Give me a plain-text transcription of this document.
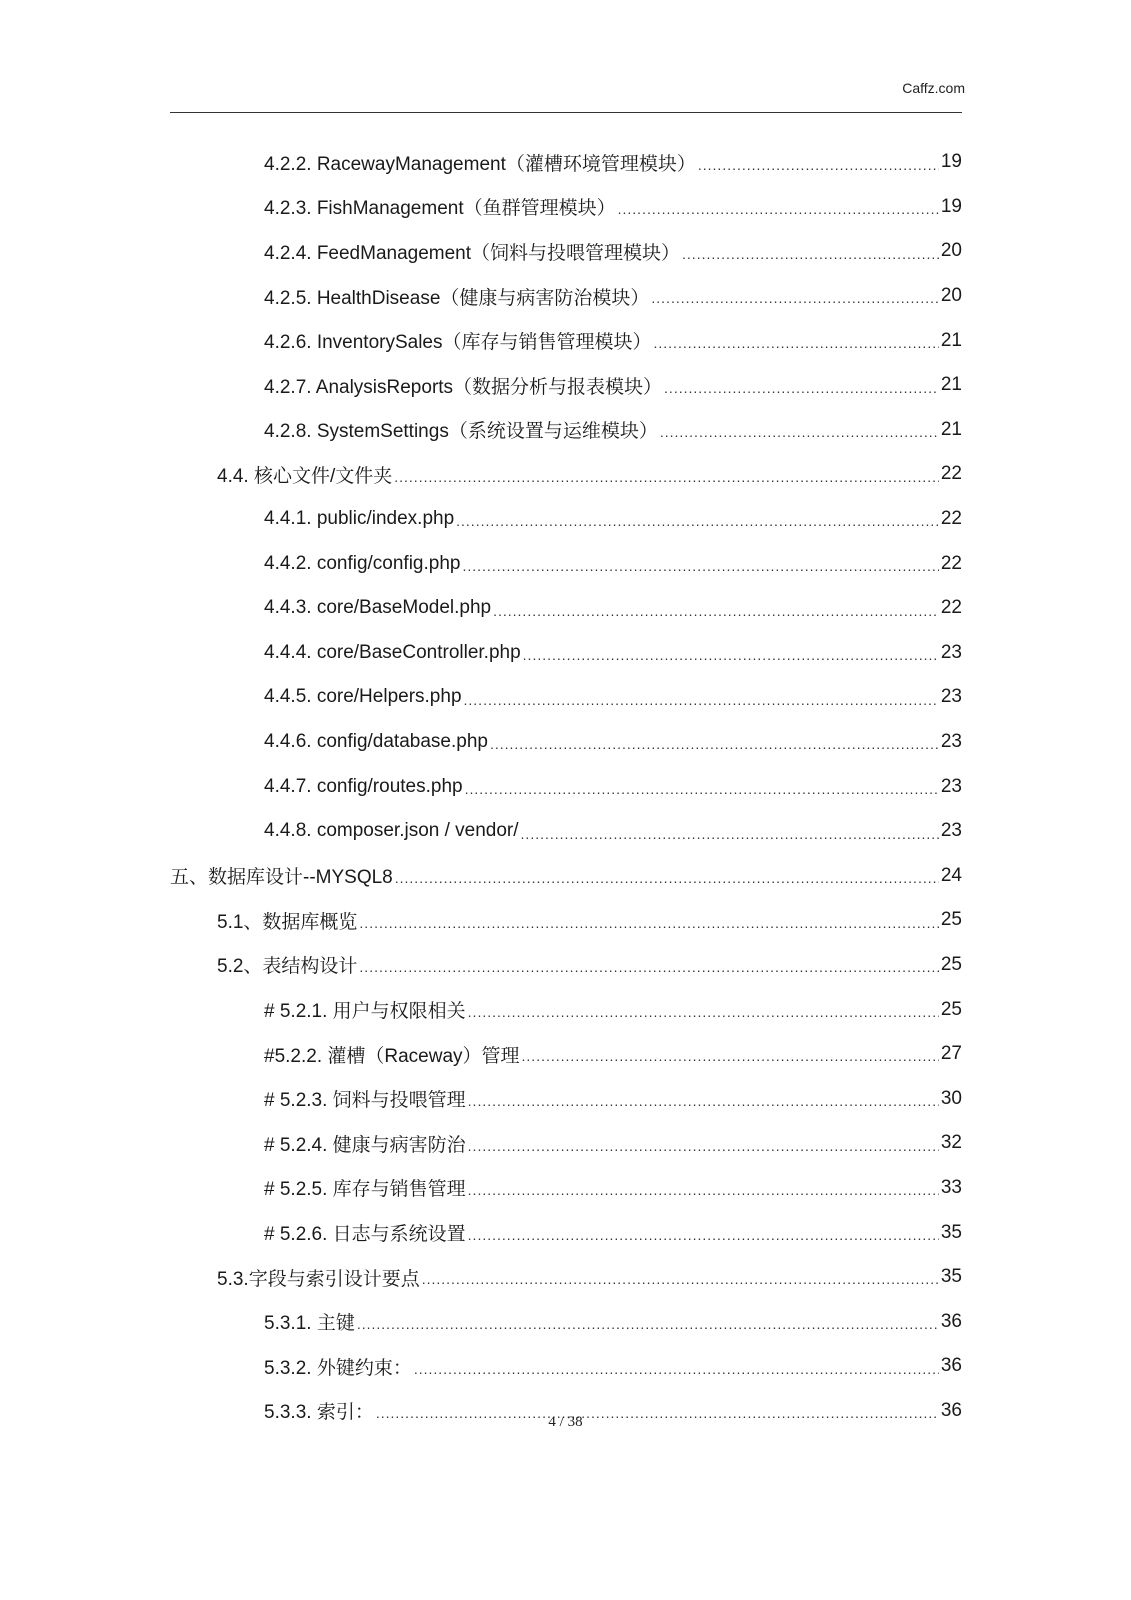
Caffz.com
4.2.2. RacewayManagement（灌槽环境管理模块） .....	19
4.2.3. FishManagement（鱼群管理模块） .....	19
4.2.4. FeedManagement（饲料与投喂管理模块） .....	20
4.2.5. HealthDisease（健康与病害防治模块） .....	20
4.2.6. InventorySales（库存与销售管理模块） .....	21
4.2.7. AnalysisReports（数据分析与报表模块） .....	21
4.2.8. SystemSettings（系统设置与运维模块） .....	21
4.4. 核心文件/文件夹 .....	22
4.4.1. public/index.php .....	22
4.4.2. config/config.php .....	22
4.4.3. core/BaseModel.php .....	22
4.4.4. core/BaseController.php .....	23
4.4.5. core/Helpers.php .....	23
4.4.6. config/database.php .....	23
4.4.7. config/routes.php .....	23
4.4.8. composer.json / vendor/ .....	23
五、数据库设计--MYSQL8 .....	24
5.1、数据库概览 .....	25
5.2、表结构设计 .....	25
# 5.2.1. 用户与权限相关 .....	25
#5.2.2. 灌槽（Raceway）管理 .....	27
# 5.2.3. 饲料与投喂管理 .....	30
# 5.2.4. 健康与病害防治 .....	32
# 5.2.5. 库存与销售管理 .....	33
# 5.2.6. 日志与系统设置 .....	35
5.3.字段与索引设计要点 .....	35
5.3.1. 主键 .....	36
5.3.2. 外键约束： .....	36
5.3.3. 索引： .....	36
4 / 38
